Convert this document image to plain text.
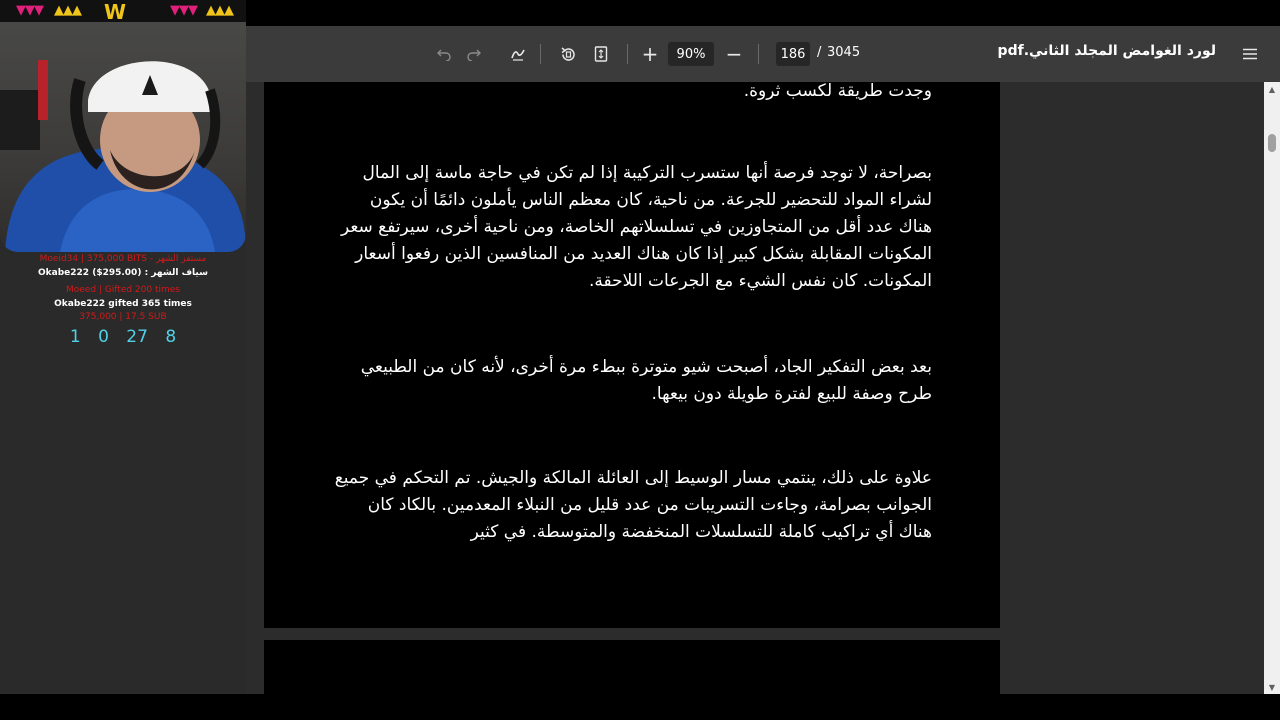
+	90%	−	186 / 3045	لورد الغوامض المجلد الثاني.pdf
وجدت طريقة لكسب ثروة.
بصراحة، لا توجد فرصة أنها ستسرب التركيبة إذا لم تكن في حاجة ماسة إلى المال لشراء المواد للتحضير للجرعة. من ناحية، كان معظم الناس يأملون دائمًا أن يكون هناك عدد أقل من المتجاوزين في تسلسلاتهم الخاصة، ومن ناحية أخرى، سيرتفع سعر المكونات المقابلة بشكل كبير إذا كان هناك العديد من المنافسين الذين رفعوا أسعار المكونات. كان نفس الشيء مع الجرعات اللاحقة.
بعد بعض التفكير الجاد، أصبحت شيو متوترة ببطء مرة أخرى، لأنه كان من الطبيعي طرح وصفة للبيع لفترة طويلة دون بيعها.
علاوة على ذلك، ينتمي مسار الوسيط إلى العائلة المالكة والجيش. تم التحكم في جميع الجوانب بصرامة، وجاءت التسريبات من عدد قليل من النبلاء المعدمين. بالكاد كان هناك أي تراكيب كاملة للتسلسلات المنخفضة والمتوسطة. في كثير
▲
▼
▼▼▼ ▲▲▲ W	▼▼▼ ▲▲▲
Moeid34 | 375,000 BITS - مستفز الشهر
سياف الشهر : Okabe222 ($295.00)
Moeed | Gifted 200 times
Okabe222 gifted 365 times
375,000 | 17.5 SUB
1 0 27 8
